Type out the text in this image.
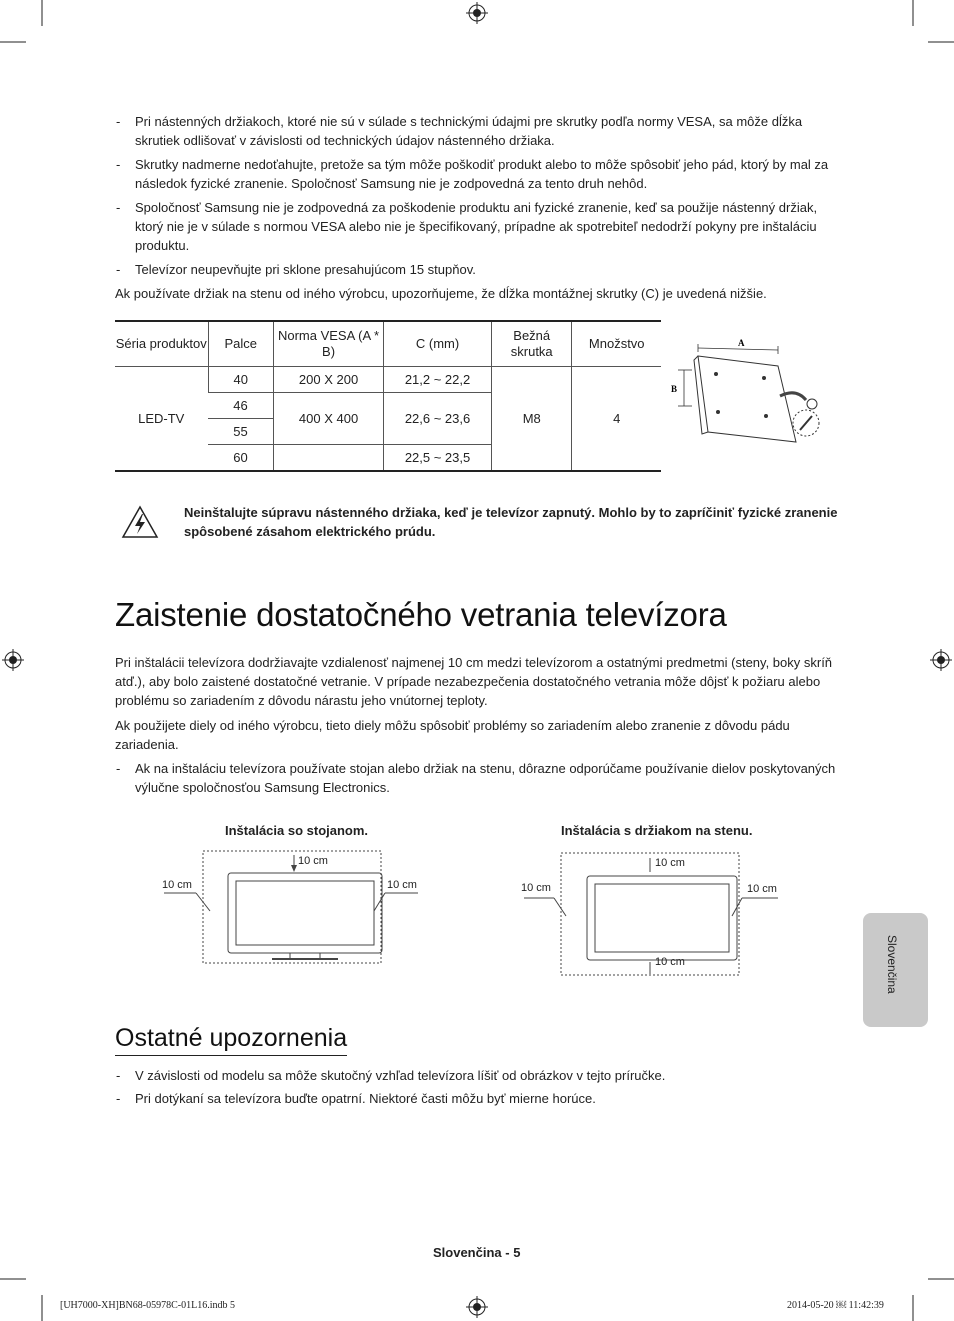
-	Pri nástenných držiakoch, ktoré nie sú v súlade s technickými údajmi pre skrutky podľa normy VESA, sa môže dĺžka skrutiek odlišovať v závislosti od technických údajov nástenného držiaka.
-	Skrutky nadmerne nedoťahujte, pretože sa tým môže poškodiť produkt alebo to môže spôsobiť jeho pád, ktorý by mal za následok fyzické zranenie. Spoločnosť Samsung nie je zodpovedná za tento druh nehôd.
-	Spoločnosť Samsung nie je zodpovedná za poškodenie produktu ani fyzické zranenie, keď sa použije nástenný držiak, ktorý nie je v súlade s normou VESA alebo nie je špecifikovaný, prípadne ak spotrebiteľ nedodrží pokyny pre inštaláciu produktu.
-	Televízor neupevňujte pri sklone presahujúcom 15 stupňov.
Ak používate držiak na stenu od iného výrobcu, upozorňujeme, že dĺžka montážnej skrutky (C) je uvedená nižšie.
Séria produktov	Palce	Norma VESA (A * B)	C (mm)	Bežná skrutka	Množstvo
LED-TV	40	200 X 200	21,2 ~ 22,2	M8	4
	46	400 X 400	22,6 ~ 23,6		
	55				
	60		22,5 ~ 23,5		
A
B
Neinštalujte súpravu nástenného držiaka, keď je televízor zapnutý. Mohlo by to zapríčiniť fyzické zranenie spôsobené zásahom elektrického prúdu.
Zaistenie dostatočného vetrania televízora
Pri inštalácii televízora dodržiavajte vzdialenosť najmenej 10 cm medzi televízorom a ostatnými predmetmi (steny, boky skríň atď.), aby bolo zaistené dostatočné vetranie. V prípade nezabezpečenia dostatočného vetrania môže dôjsť k požiaru alebo problému so zariadením z dôvodu nárastu jeho vnútornej teploty.
Ak použijete diely od iného výrobcu, tieto diely môžu spôsobiť problémy so zariadením alebo zranenie z dôvodu pádu zariadenia.
-	Ak na inštaláciu televízora používate stojan alebo držiak na stenu, dôrazne odporúčame používanie dielov poskytovaných výlučne spoločnosťou Samsung Electronics.
Inštalácia so stojanom.
10 cm
10 cm	10 cm
Inštalácia s držiakom na stenu.
10 cm
10 cm	10 cm
10 cm
Ostatné upozornenia
-	V závislosti od modelu sa môže skutočný vzhľad televízora líšiť od obrázkov v tejto príručke.
-	Pri dotýkaní sa televízora buďte opatrní. Niektoré časti môžu byť mierne horúce.
Slovenčina
Slovenčina - 5
[UH7000-XH]BN68-05978C-01L16.indb 5	2014-05-20 ￼ 11:42:39
